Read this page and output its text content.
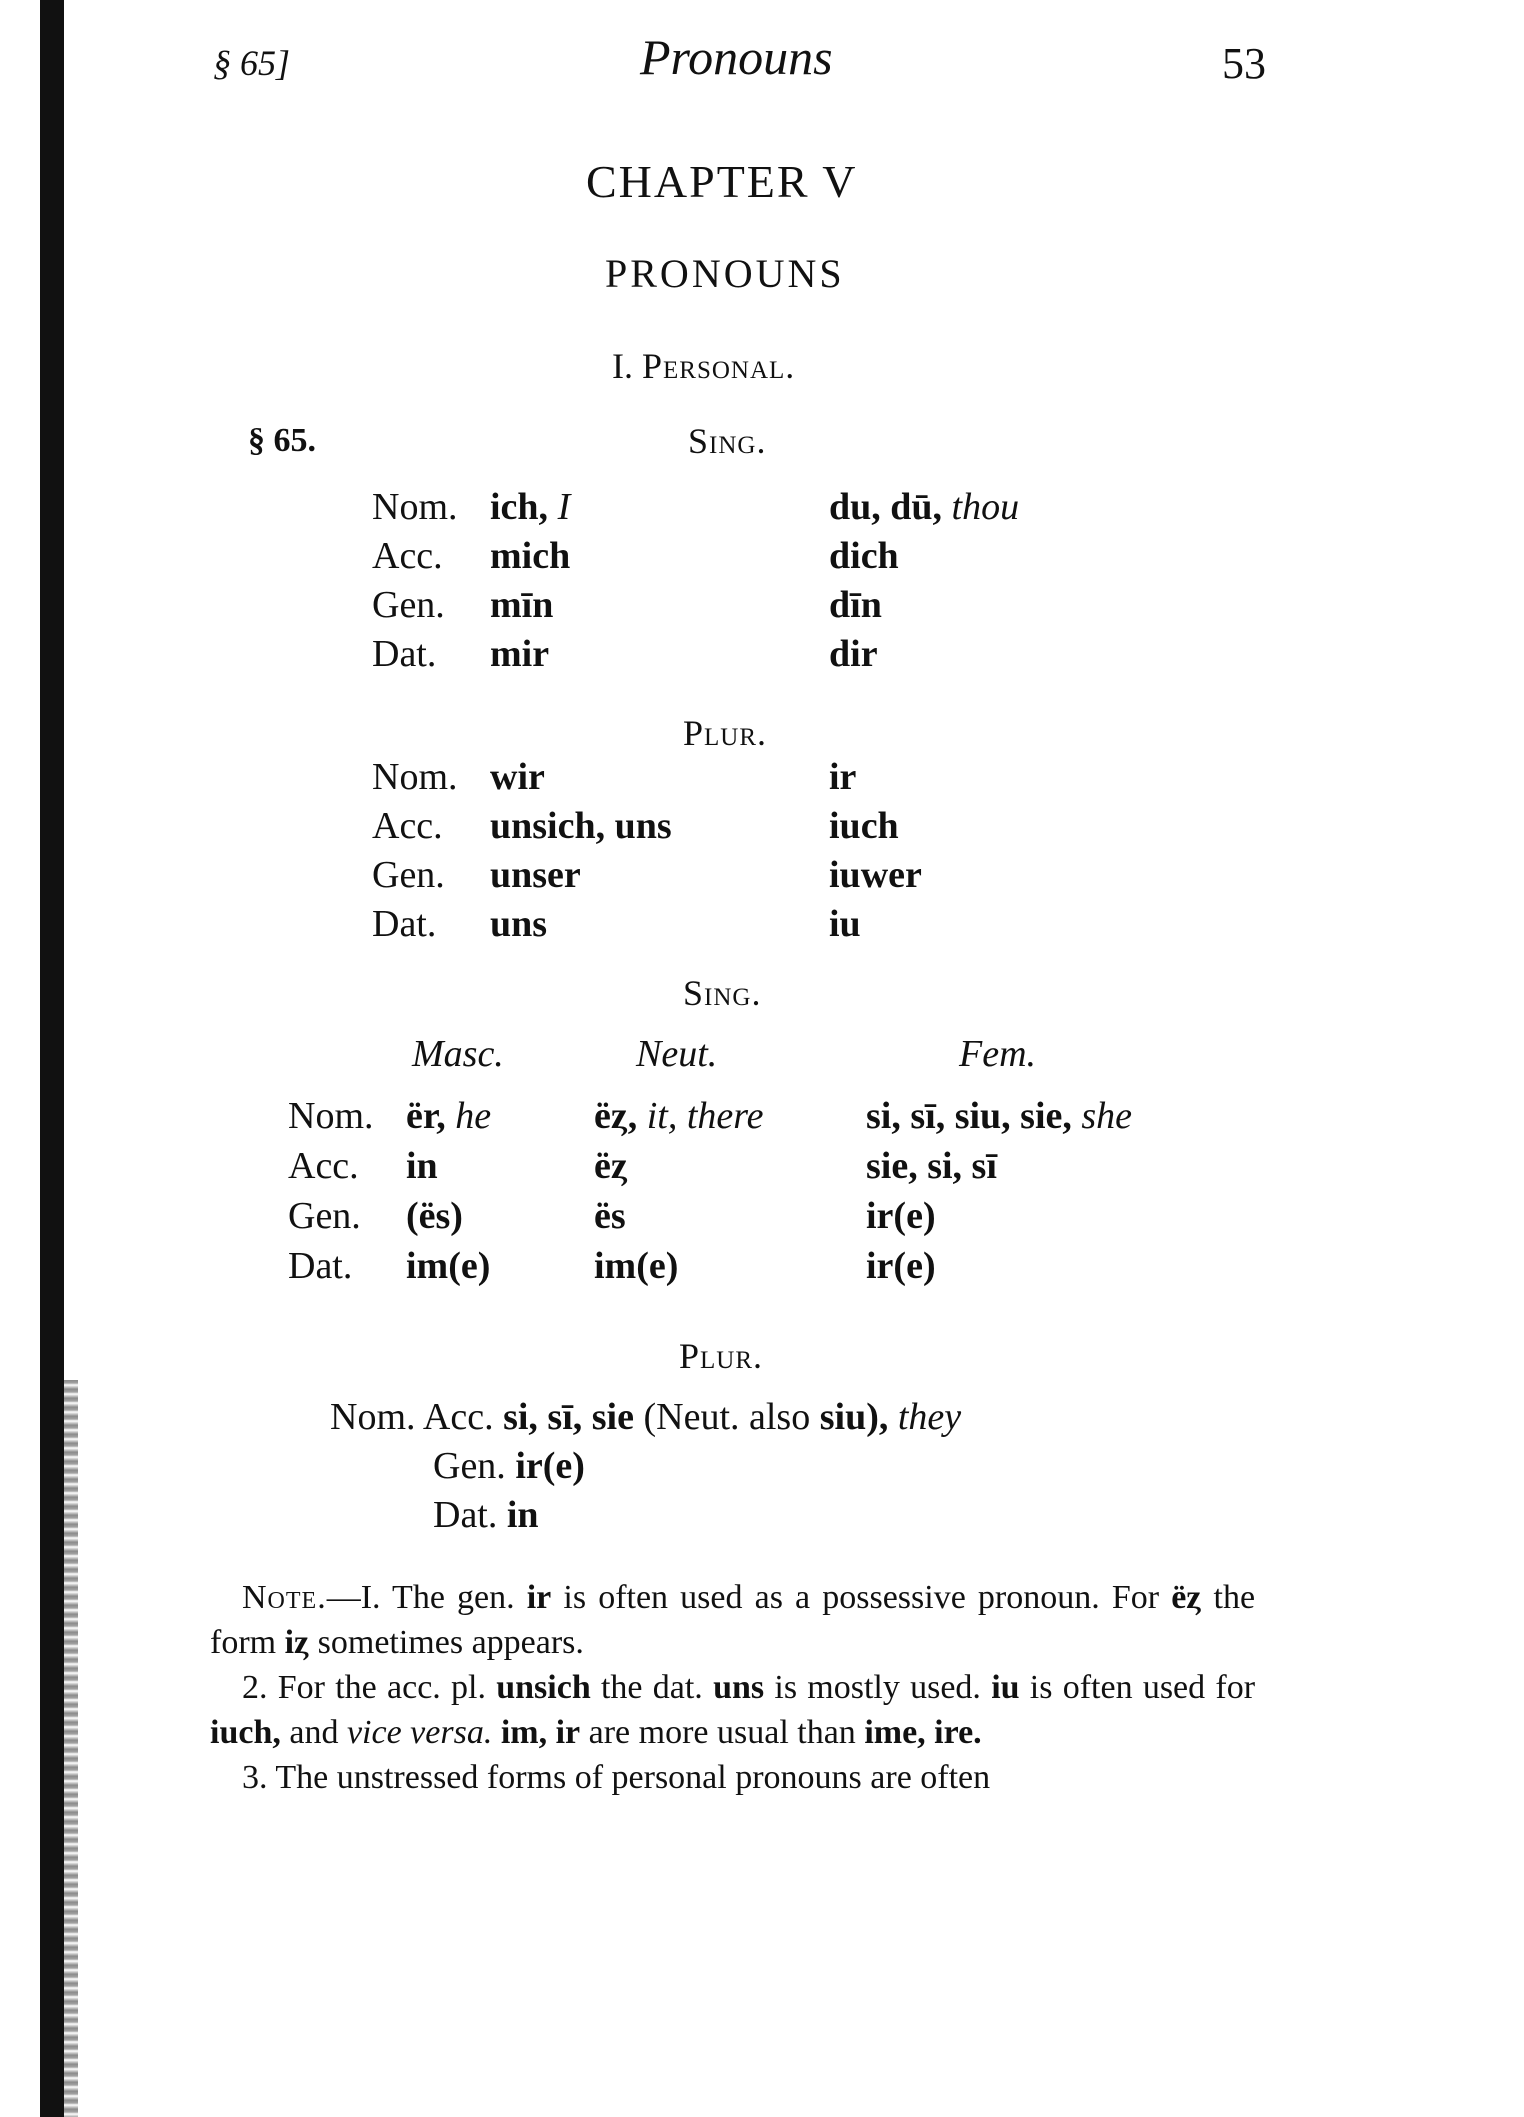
§ 65]	Pronouns	53
CHAPTER V
PRONOUNS
I. Personal.
§ 65.	Sing.
Nom. ich, I	du, dū, thou
Acc. mich	dich
Gen. mīn	dīn
Dat. mir	dir
Plur.
Nom. wir	ir
Acc. unsich, uns	iuch
Gen. unser	iuwer
Dat. uns	iu
Sing.
Masc.	Neut.	Fem.
Nom. ër, he	ëȥ, it, there	si, sī, siu, sie, she
Acc. in	ëȥ	sie, si, sī
Gen. (ës)	ës	ir(e)
Dat. im(e)	im(e)	ir(e)
Plur.
Nom. Acc. si, sī, sie (Neut. also siu), they
Gen. ir(e)
Dat. in

Note.—I. The gen. ir is often used as a possessive pronoun. For ëȥ the form iȥ sometimes appears.

2. For the acc. pl. unsich the dat. uns is mostly used. iu is often used for iuch, and vice versa. im, ir are more usual than ime, ire.

3. The unstressed forms of personal pronouns are often
